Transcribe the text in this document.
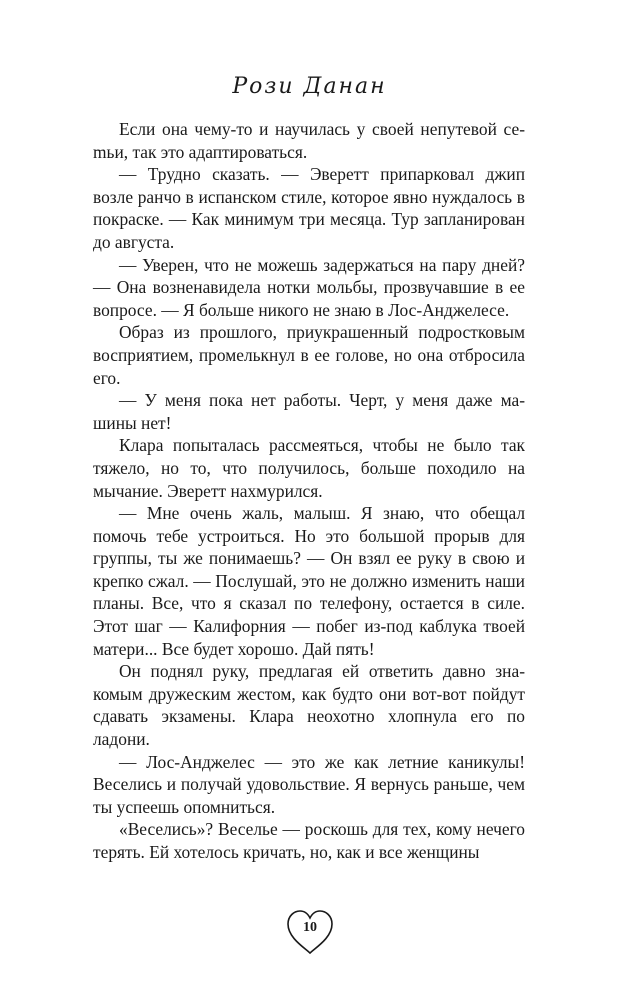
Рози Данан

Если она чему-то и научилась у своей непутевой сеmьи, так это адаптироваться.

— Трудно сказать. — Эверетт припарковал джип возле ранчо в испанском стиле, которое явно нуждалось в покраске. — Как минимум три месяца. Тур запланирован до августа.

— Уверен, что не можешь задержаться на пару дней? — Она возненавидела нотки мольбы, прозвучавшие в ее вопросе. — Я больше никого не знаю в Лос-Анджелесе.

Образ из прошлого, приукрашенный подростковым восприятием, промелькнул в ее голове, но она отбросила его.

— У меня пока нет работы. Черт, у меня даже машины нет!

Клара попыталась рассмеяться, чтобы не было так тяжело, но то, что получилось, больше походило на мычание. Эверетт нахмурился.

— Мне очень жаль, малыш. Я знаю, что обещал помочь тебе устроиться. Но это большой прорыв для группы, ты же понимаешь? — Он взял ее руку в свою и крепко сжал. — Послушай, это не должно изменить наши планы. Все, что я сказал по телефону, остается в силе. Этот шаг — Калифорния — побег из-под каблука твоей матери... Все будет хорошо. Дай пять!

Он поднял руку, предлагая ей ответить давно знакомым дружеским жестом, как будто они вот-вот пойдут сдавать экзамены. Клара неохотно хлопнула его по ладони.

— Лос-Анджелес — это же как летние каникулы! Веселись и получай удовольствие. Я вернусь раньше, чем ты успеешь опомниться.

«Веселись»? Веселье — роскошь для тех, кому нечего терять. Ей хотелось кричать, но, как и все женщины

10
